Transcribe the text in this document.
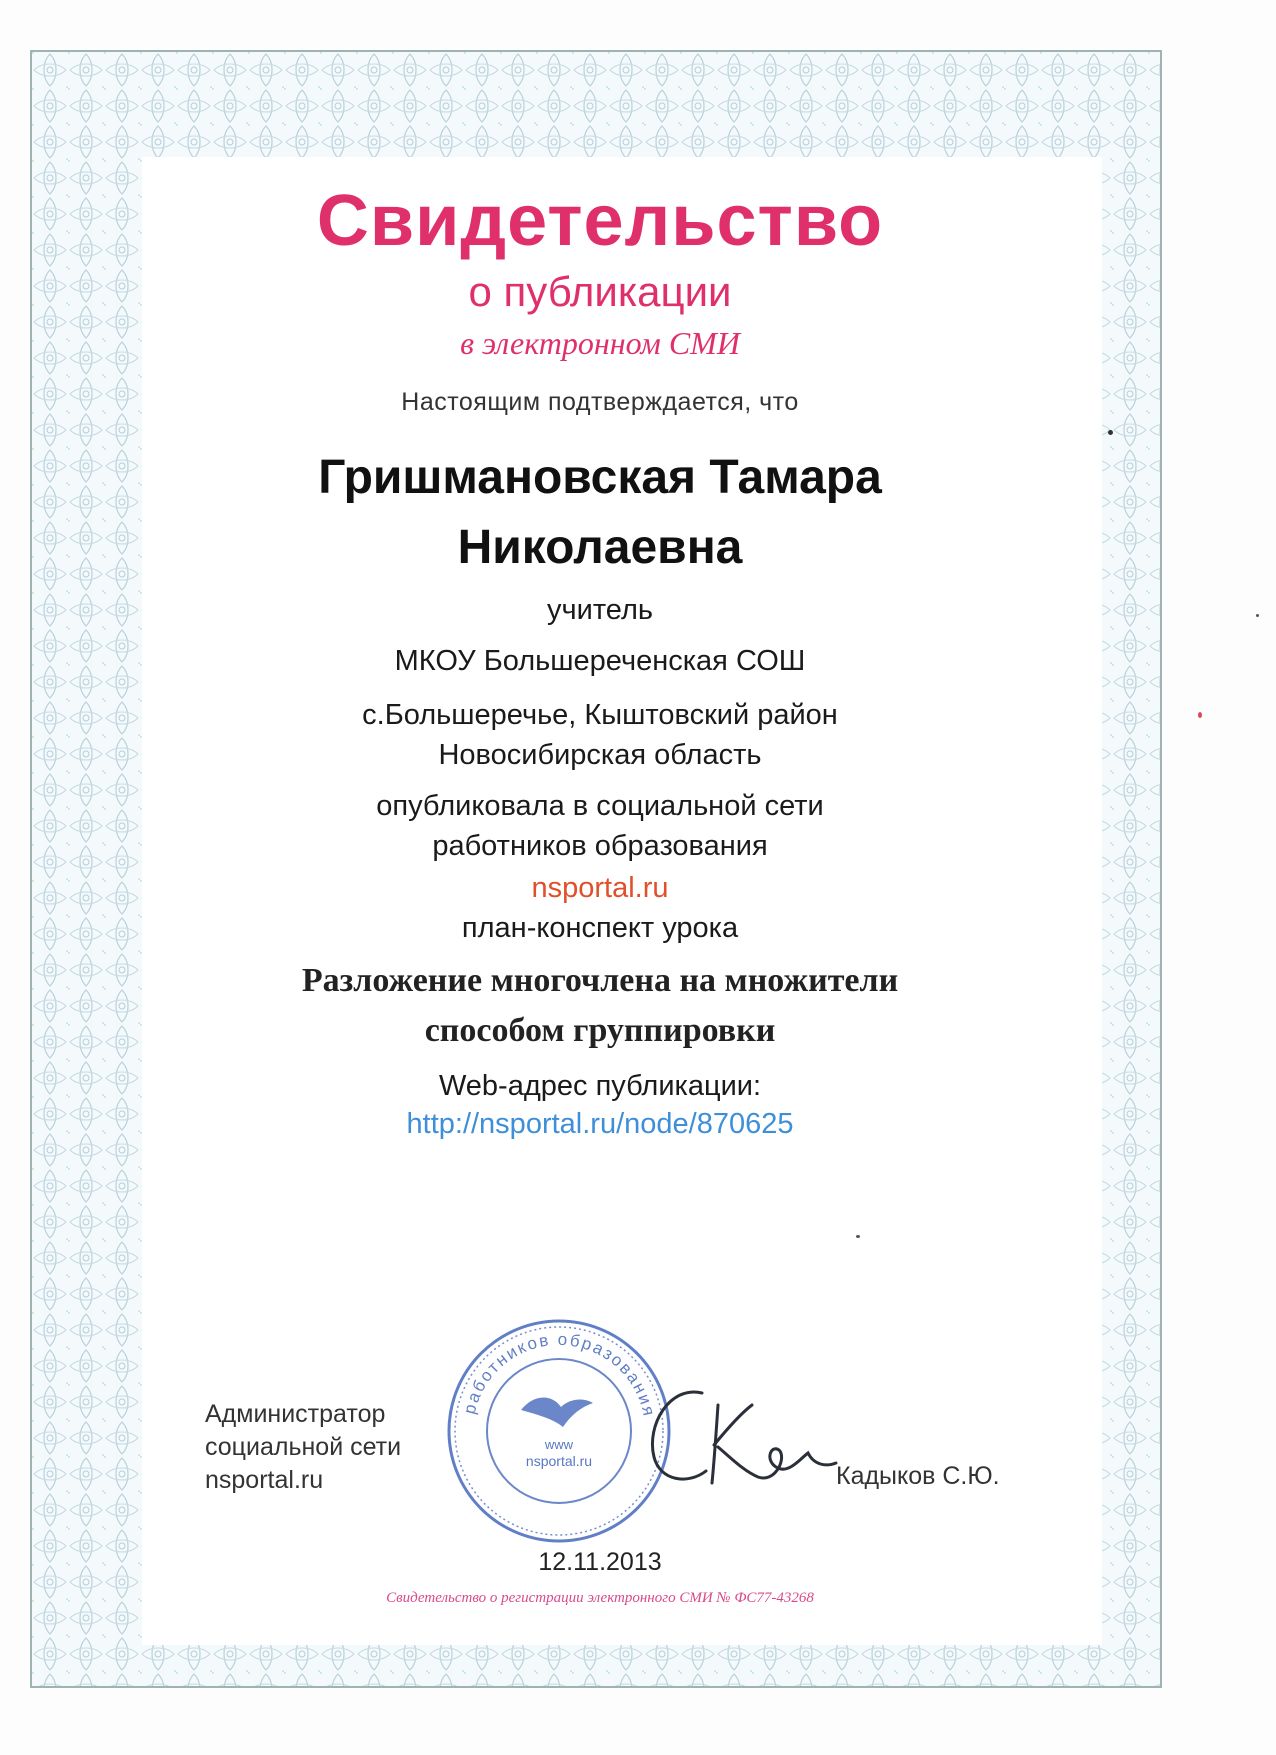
Свидетельство

о публикации

в электронном СМИ

Настоящим подтверждается, что

Гришмановская Тамара

Николаевна

учитель

МКОУ Большереченская СОШ

с.Большеречье, Кыштовский район

Новосибирская область

опубликовала в социальной сети

работников образования

nsportal.ru

план-конспект урока

Разложение многочлена на множители

способом группировки

Web-адрес публикации:

http://nsportal.ru/node/870625

Администратор
социальной сети
nsportal.ru
работников образования
www
nsportal.ru

Кадыков С.Ю.

12.11.2013

Свидетельство о регистрации электронного СМИ № ФС77-43268
